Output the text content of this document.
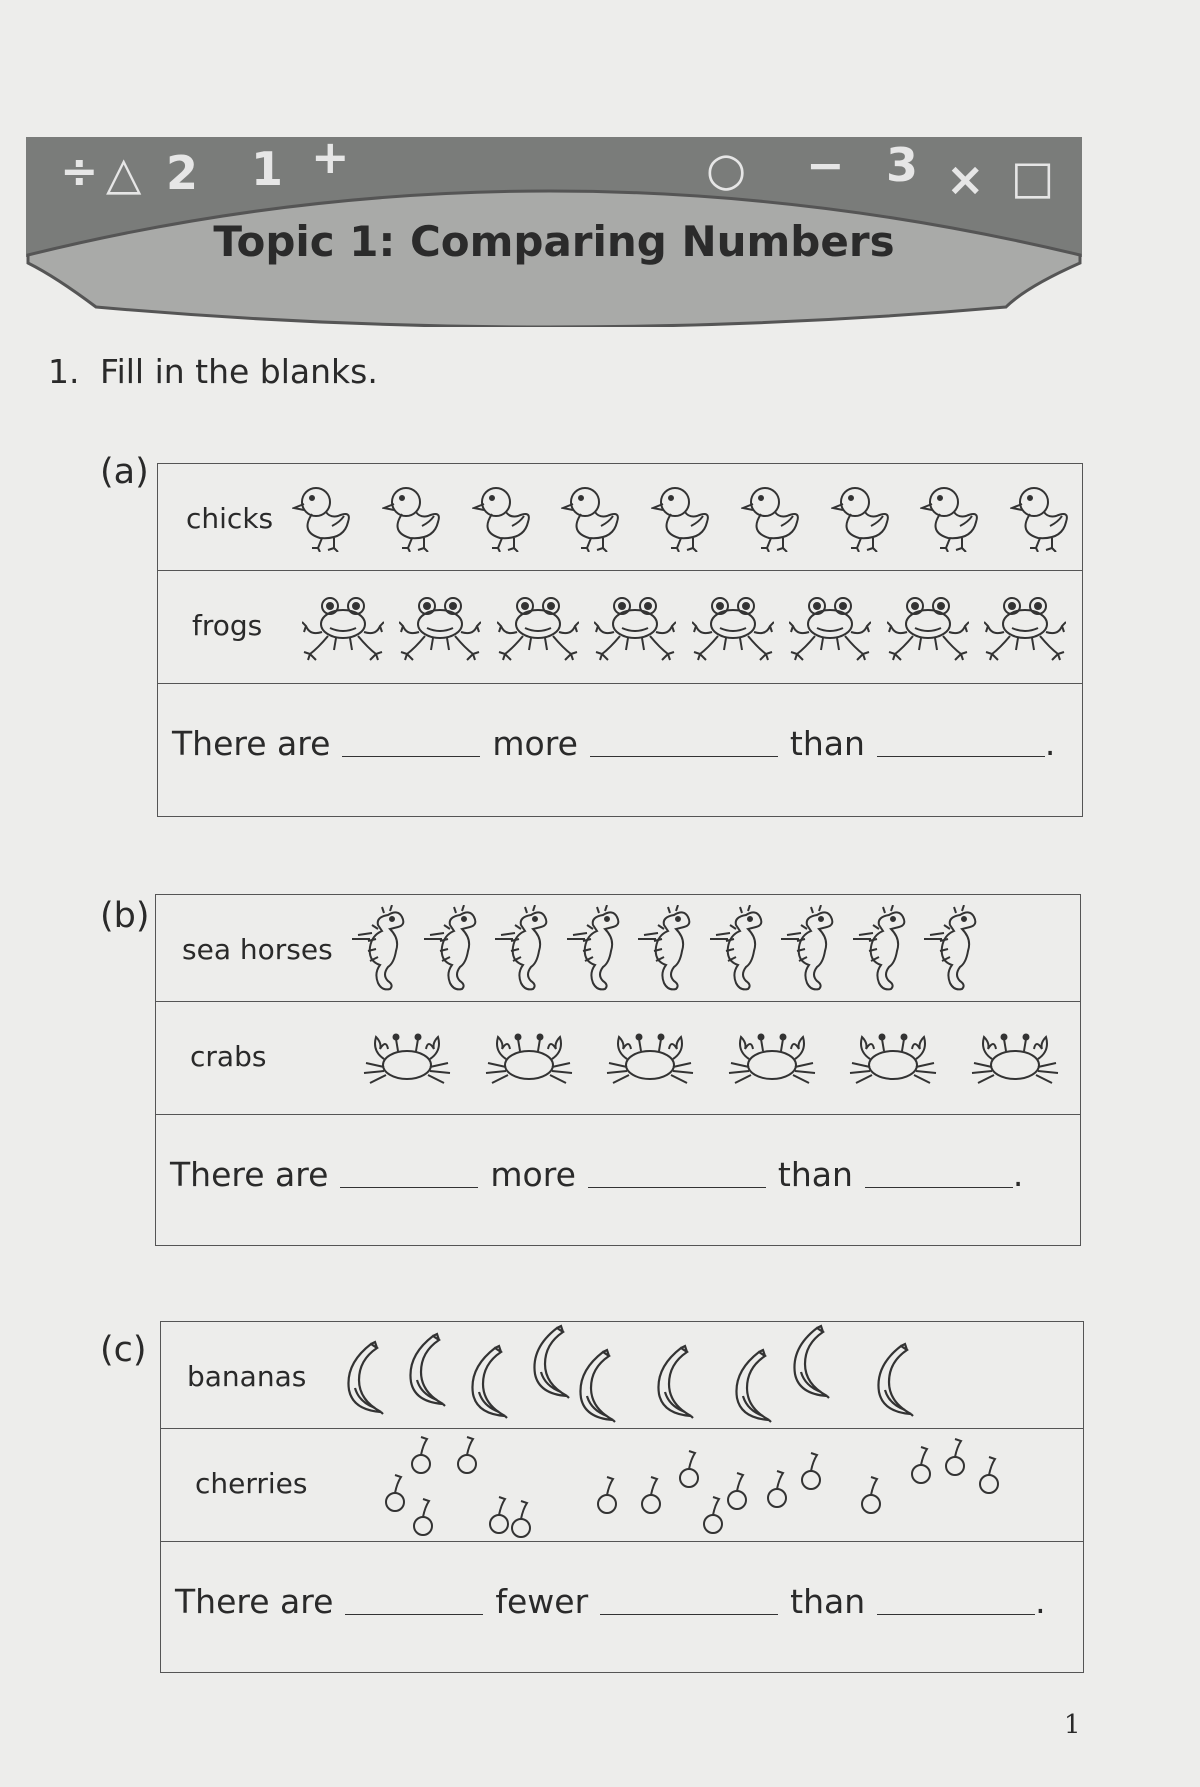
÷ △ 2 1 +	○ − 3 × □
Topic 1: Comparing Numbers
1. Fill in the blanks.
(a)
chicks
frogs
There are	more	than	.
(b)
sea horses
crabs
There are	more	than	.
(c)
bananas
cherries
There are	fewer	than	.
1
